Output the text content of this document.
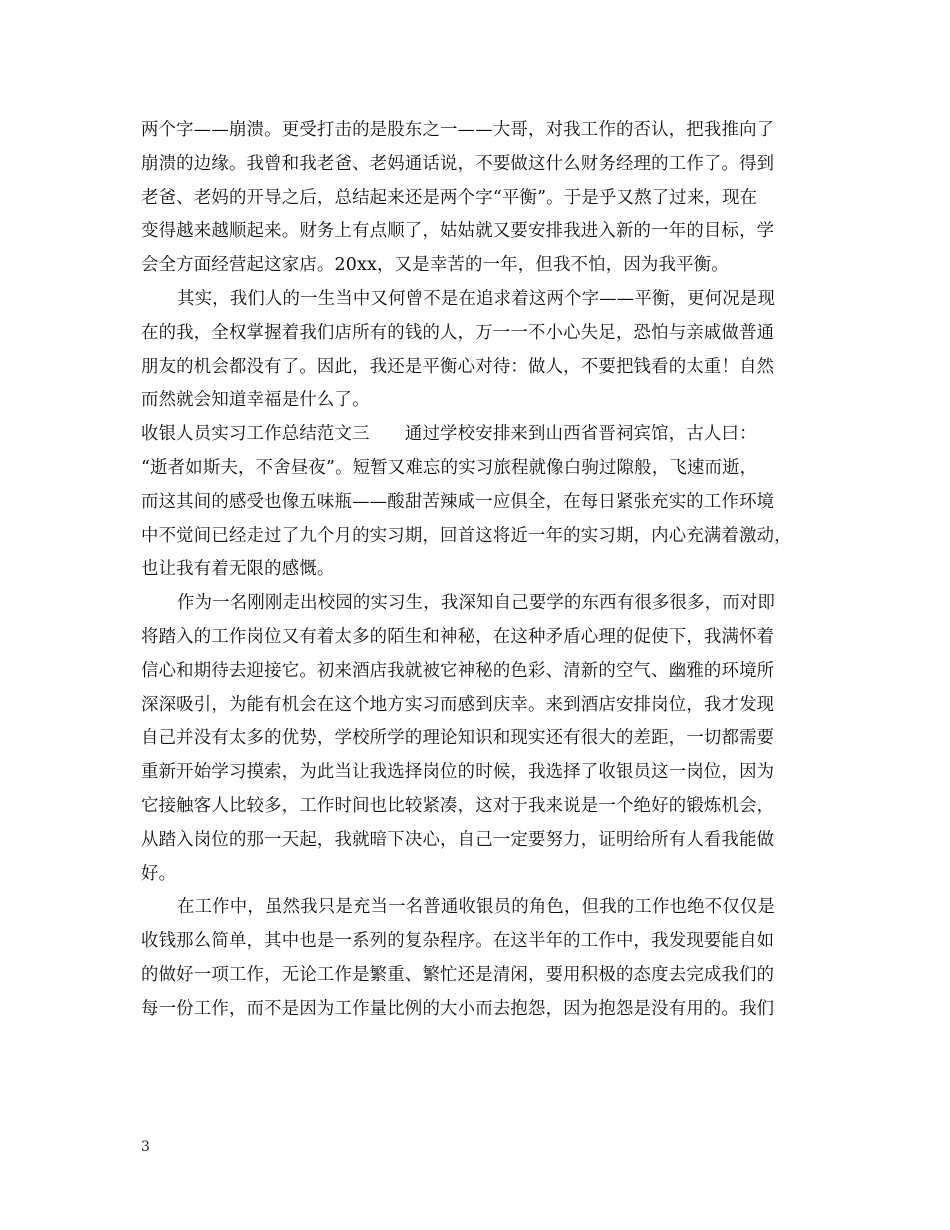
两个字——崩溃。更受打击的是股东之一——大哥，对我工作的否认，把我推向了
崩溃的边缘。我曾和我老爸、老妈通话说，不要做这什么财务经理的工作了。得到
老爸、老妈的开导之后，总结起来还是两个字“平衡”。于是乎又熬了过来，现在
变得越来越顺起来。财务上有点顺了，姑姑就又要安排我进入新的一年的目标，学
会全方面经营起这家店。20xx，又是幸苦的一年，但我不怕，因为我平衡。
其实，我们人的一生当中又何曾不是在追求着这两个字——平衡，更何况是现
在的我，全权掌握着我们店所有的钱的人，万一一不小心失足，恐怕与亲戚做普通
朋友的机会都没有了。因此，我还是平衡心对待：做人，不要把钱看的太重！自然
而然就会知道幸福是什么了。
收银人员实习工作总结范文三　　通过学校安排来到山西省晋祠宾馆，古人曰：
“逝者如斯夫，不舍昼夜”。短暂又难忘的实习旅程就像白驹过隙般，飞速而逝，
而这其间的感受也像五味瓶——酸甜苦辣咸一应俱全，在每日紧张充实的工作环境
中不觉间已经走过了九个月的实习期，回首这将近一年的实习期，内心充满着激动，
也让我有着无限的感慨。
作为一名刚刚走出校园的实习生，我深知自己要学的东西有很多很多，而对即
将踏入的工作岗位又有着太多的陌生和神秘，在这种矛盾心理的促使下，我满怀着
信心和期待去迎接它。初来酒店我就被它神秘的色彩、清新的空气、幽雅的环境所
深深吸引，为能有机会在这个地方实习而感到庆幸。来到酒店安排岗位，我才发现
自己并没有太多的优势，学校所学的理论知识和现实还有很大的差距，一切都需要
重新开始学习摸索，为此当让我选择岗位的时候，我选择了收银员这一岗位，因为
它接触客人比较多，工作时间也比较紧凑，这对于我来说是一个绝好的锻炼机会，
从踏入岗位的那一天起，我就暗下决心，自己一定要努力，证明给所有人看我能做
好。
在工作中，虽然我只是充当一名普通收银员的角色，但我的工作也绝不仅仅是
收钱那么简单，其中也是一系列的复杂程序。在这半年的工作中，我发现要能自如
的做好一项工作，无论工作是繁重、繁忙还是清闲，要用积极的态度去完成我们的
每一份工作，而不是因为工作量比例的大小而去抱怨，因为抱怨是没有用的。我们
3
